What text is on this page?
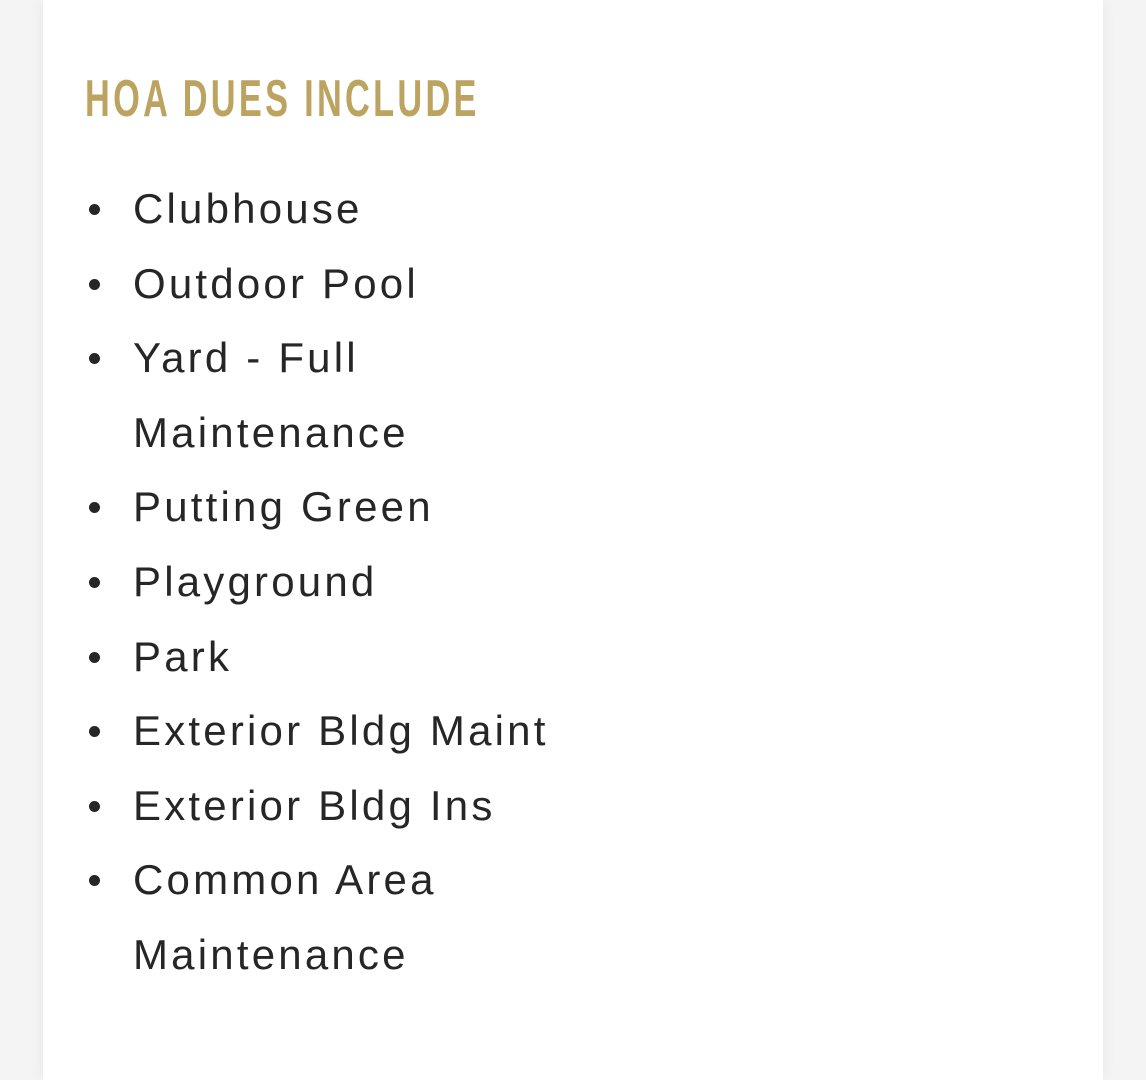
HOA DUES INCLUDE
Clubhouse
Outdoor Pool
Yard - Full Maintenance
Putting Green
Playground
Park
Exterior Bldg Maint
Exterior Bldg Ins
Common Area Maintenance
